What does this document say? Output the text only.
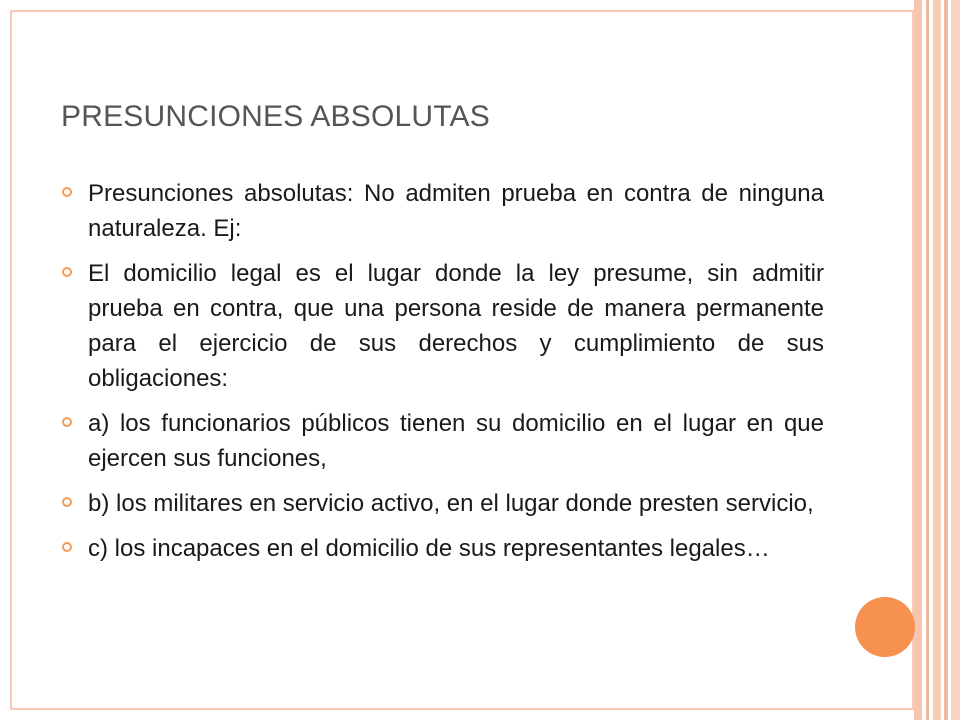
PRESUNCIONES ABSOLUTAS
Presunciones absolutas: No admiten prueba en contra de ninguna naturaleza. Ej:
El domicilio legal es el lugar donde la ley presume, sin admitir prueba en contra, que una persona reside de manera permanente para el ejercicio de sus derechos y cumplimiento de sus obligaciones:
a) los funcionarios públicos tienen su domicilio en el lugar en que ejercen sus funciones,
b) los militares en servicio activo, en el lugar donde presten servicio,
c) los incapaces en el domicilio de sus representantes legales…
